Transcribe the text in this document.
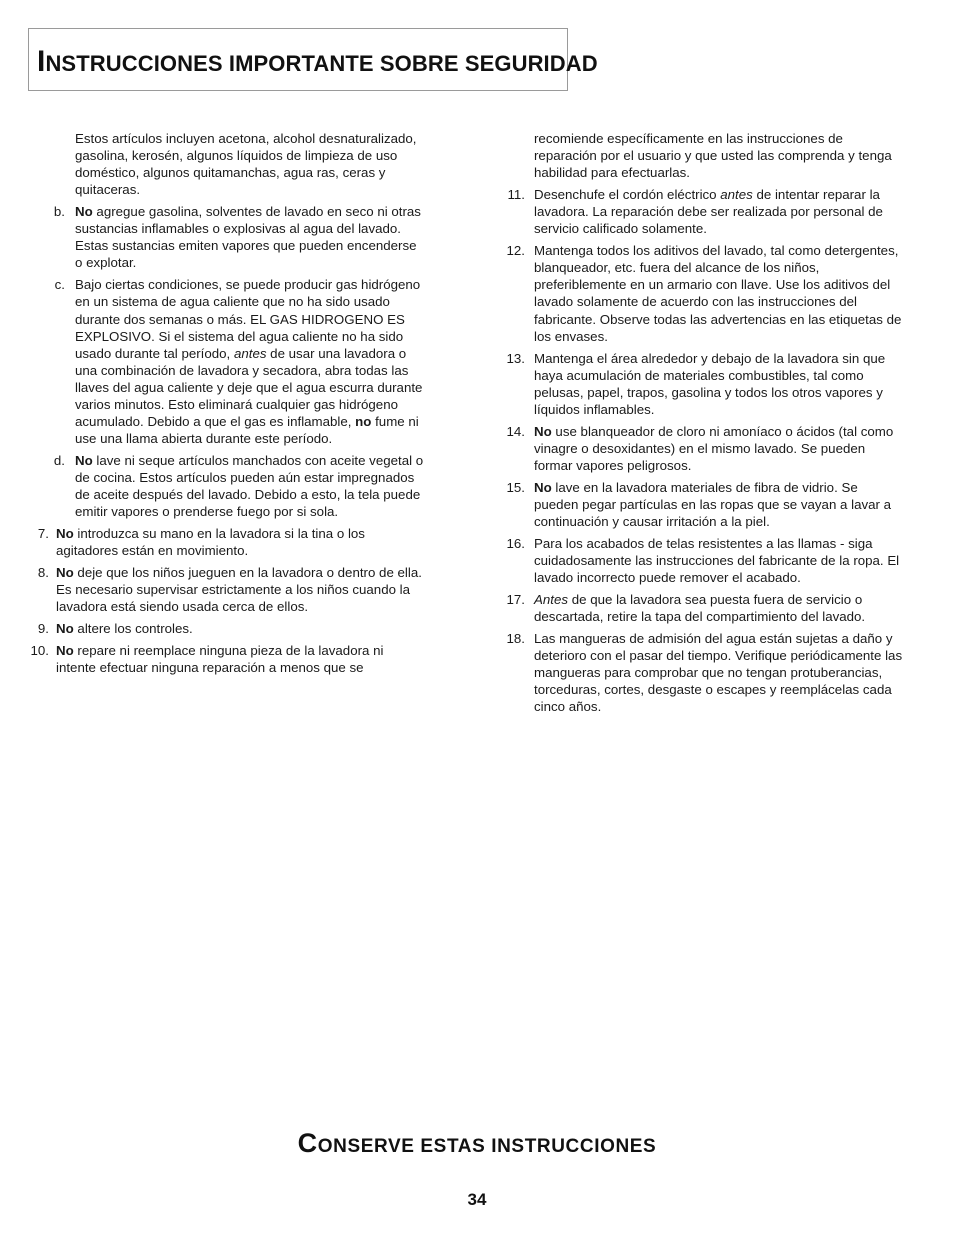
INSTRUCCIONES IMPORTANTE SOBRE SEGURIDAD
Estos artículos incluyen acetona, alcohol desnaturalizado, gasolina, kerosén, algunos líquidos de limpieza de uso doméstico, algunos quitamanchas, agua ras, ceras y quitaceras.
b. No agregue gasolina, solventes de lavado en seco ni otras sustancias inflamables o explosivas al agua del lavado. Estas sustancias emiten vapores que pueden encenderse o explotar.
c. Bajo ciertas condiciones, se puede producir gas hidrógeno en un sistema de agua caliente que no ha sido usado durante dos semanas o más. EL GAS HIDROGENO ES EXPLOSIVO. Si el sistema del agua caliente no ha sido usado durante tal período, antes de usar una lavadora o una combinación de lavadora y secadora, abra todas las llaves del agua caliente y deje que el agua escurra durante varios minutos. Esto eliminará cualquier gas hidrógeno acumulado. Debido a que el gas es inflamable, no fume ni use una llama abierta durante este período.
d. No lave ni seque artículos manchados con aceite vegetal o de cocina. Estos artículos pueden aún estar impregnados de aceite después del lavado. Debido a esto, la tela puede emitir vapores o prenderse fuego por si sola.
7. No introduzca su mano en la lavadora si la tina o los agitadores están en movimiento.
8. No deje que los niños jueguen en la lavadora o dentro de ella. Es necesario supervisar estrictamente a los niños cuando la lavadora está siendo usada cerca de ellos.
9. No altere los controles.
10. No repare ni reemplace ninguna pieza de la lavadora ni intente efectuar ninguna reparación a menos que se
recomiende específicamente en las instrucciones de reparación por el usuario y que usted las comprenda y tenga habilidad para efectuarlas.
11. Desenchufe el cordón eléctrico antes de intentar reparar la lavadora. La reparación debe ser realizada por personal de servicio calificado solamente.
12. Mantenga todos los aditivos del lavado, tal como detergentes, blanqueador, etc. fuera del alcance de los niños, preferiblemente en un armario con llave. Use los aditivos del lavado solamente de acuerdo con las instrucciones del fabricante. Observe todas las advertencias en las etiquetas de los envases.
13. Mantenga el área alrededor y debajo de la lavadora sin que haya acumulación de materiales combustibles, tal como pelusas, papel, trapos, gasolina y todos los otros vapores y líquidos inflamables.
14. No use blanqueador de cloro ni amoníaco o ácidos (tal como vinagre o desoxidantes) en el mismo lavado. Se pueden formar vapores peligrosos.
15. No lave en la lavadora materiales de fibra de vidrio. Se pueden pegar partículas en las ropas que se vayan a lavar a continuación y causar irritación a la piel.
16. Para los acabados de telas resistentes a las llamas - siga cuidadosamente las instrucciones del fabricante de la ropa. El lavado incorrecto puede remover el acabado.
17. Antes de que la lavadora sea puesta fuera de servicio o descartada, retire la tapa del compartimiento del lavado.
18. Las mangueras de admisión del agua están sujetas a daño y deterioro con el pasar del tiempo. Verifique periódicamente las mangueras para comprobar que no tengan protuberancias, torceduras, cortes, desgaste o escapes y reemplácelas cada cinco años.
CONSERVE ESTAS INSTRUCCIONES
34
